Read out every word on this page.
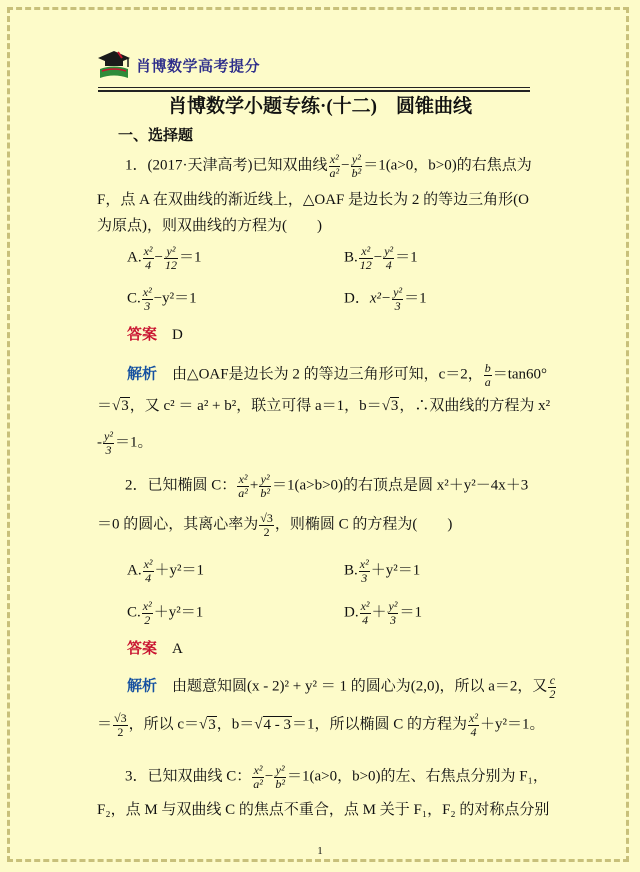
肖博数学高考提分
肖博数学小题专练·(十二)　圆锥曲线
一、选择题
1．(2017·天津高考)已知双曲线 $\frac{\text{x²}}{\text{a²}} - \frac{\text{y²}}{\text{b²}} =1(a>0$，b>0)的右焦点为
F，点 A 在双曲线的渐近线上，△OAF 是边长为 2 的等边三角形(O
为原点)，则双曲线的方程为(　　)
A. $\frac{\text{x²}}{4} - \frac{\text{y²}}{12} =1$	B. $\frac{\text{x²}}{12} - \frac{\text{y²}}{4} =1$
C. $\frac{\text{x²}}{3} -y^2=1$	D．$x^2- \frac{\text{y²}}{3} =1$
答案　 D
解析　 由△OAF是边长为 2 的等边三角形可知，c＝2， $\frac{b}{a} =\tan 60^\circ$
＝√3，又 c² ＝ a² + b²，联立可得 a＝1，b＝√3，∴双曲线的方程为 x²
- $\frac{\text{y²}}{3} =1$。
2．已知椭圆 C： $\frac{\text{x²}}{\text{a²}} + \frac{\text{y²}}{\text{b²}} =1(a>b>0)$的右顶点是圆 x²＋y²－4x＋3
＝0 的圆心，其离心率为 $\frac{√3}{2}$ ，则椭圆 C 的方程为(　　)
A. $\frac{\text{x²}}{4} +y^2=1$	B. $\frac{\text{x²}}{3} +y^2=1$
C. $\frac{\text{x²}}{2} +y^2=1$	D. $\frac{\text{x²}}{4} + \frac{\text{y²}}{3} =1$
答案　 A
解析　 由题意知圆(x - 2)² + y² ＝ 1 的圆心为(2,0)，所以 a＝2，又 $\frac{c}{2}$
＝ $\frac{√3}{2}$ ，所以 c＝√3，b＝√4 - 3＝1，所以椭圆 C 的方程为 $\frac{\text{x²}}{4} +y^2=1$。
3．已知双曲线 C： $\frac{\text{x²}}{\text{a²}} - \frac{\text{y²}}{\text{b²}} =1(a>0$，b>0)的左、右焦点分别为 F₁，
F₂，点 M 与双曲线 C 的焦点不重合，点 M 关于 F₁，F₂ 的对称点分别
1
